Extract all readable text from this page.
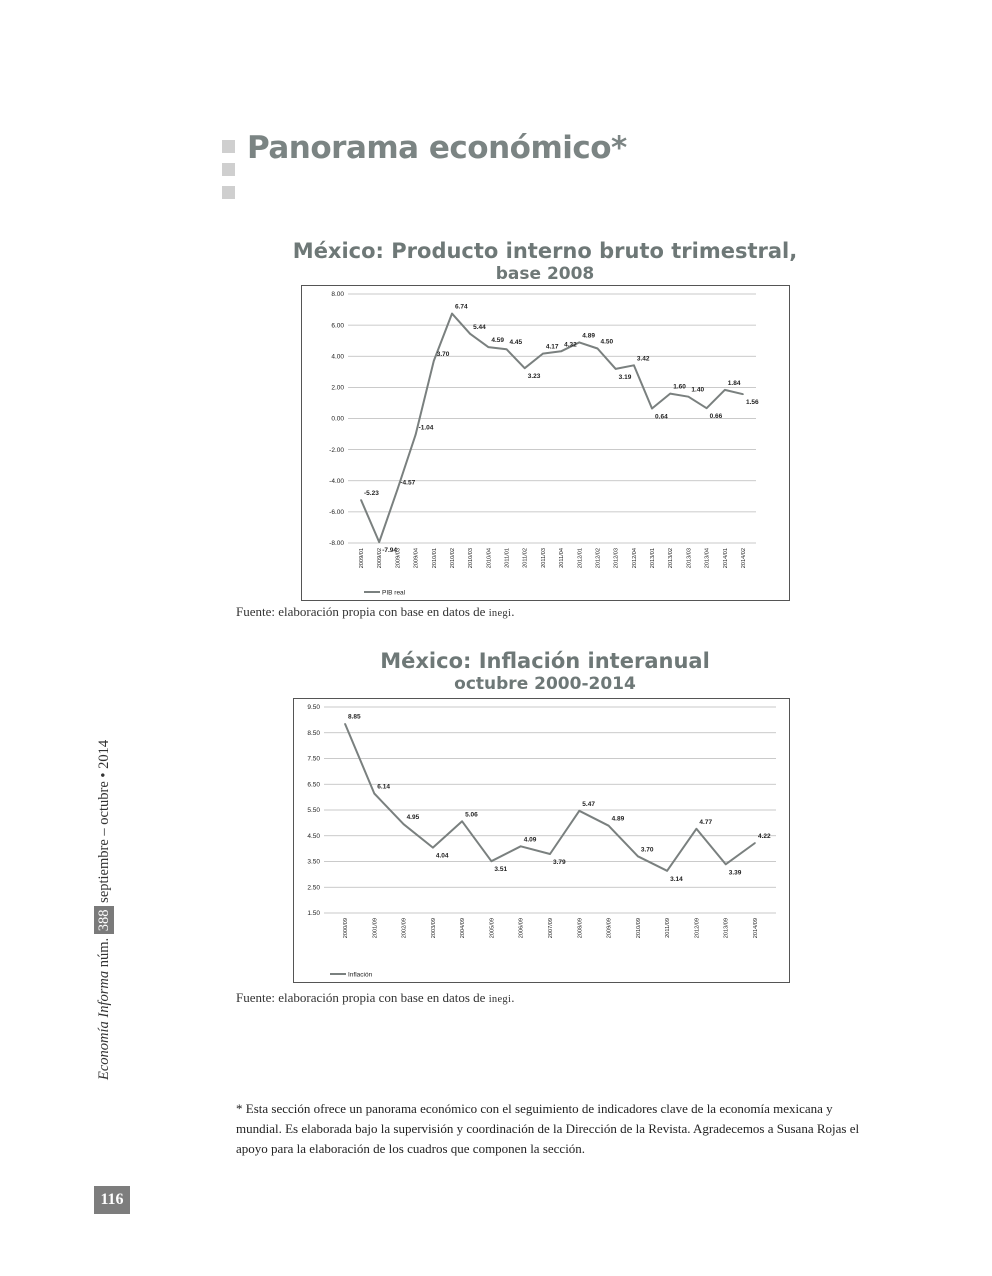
Panorama económico*
México: Producto interno bruto trimestral,
base 2008
8.00
6.00
4.00
2.00
0.00
-2.00
-4.00
-6.00
-8.00
-5.23
-7.94
-4.57
-1.04
3.70
6.74
5.44
4.59 4.45
3.23
4.17 4.32
4.89
4.50
3.19
3.42
0.64
1.60 1.40
0.66
1.84
1.56
2009/01 2009/02 2009/03 2009/04 2010/01 2010/02 2010/03 2010/04 2011/01 2011/02 2011/03 2011/04 2012/01 2012/02 2012/03 2012/04 2013/01 2013/02 2013/03 2013/04 2014/01 2014/02
PIB real
Fuente: elaboración propia con base en datos de inegi.
México: Inflación interanual
octubre 2000-2014
9.50
8.50
7.50
6.50
5.50
4.50
3.50
2.50
1.50
8.85
6.14
4.95
4.04
5.06
3.51
4.09
3.79
5.47
4.89
3.70
3.14
4.77
3.39
4.22
2000/09	2001/09	2002/09	2003/09	2004/09	2005/09	2006/09	2007/09	2008/09	2009/09	2010/09	2011/09	2012/09	2013/09	2014/09
Inflación
Fuente: elaboración propia con base en datos de inegi.
Economía Informa núm. 388 septiembre – octubre • 2014

* Esta sección ofrece un panorama económico con el seguimiento de indicadores clave de la economía mexicana y mundial. Es elaborada bajo la supervisión y coordinación de la Dirección de la Revista. Agradecemos a Susana Rojas el apoyo para la elaboración de los cuadros que componen la sección.

116
